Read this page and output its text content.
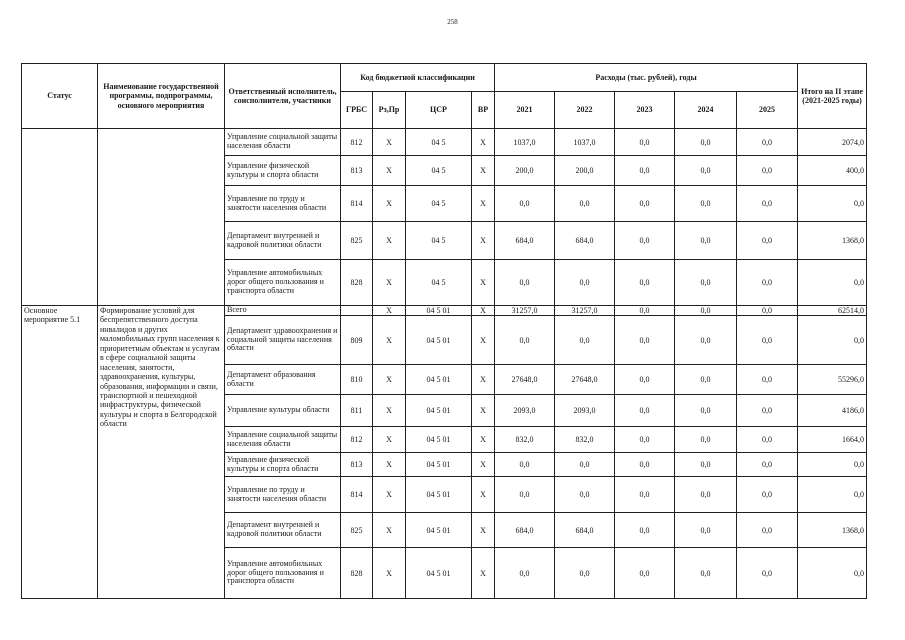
258
Статус	Наименование государственной программы, подпрограммы, основного мероприятия	Ответственный исполнитель, соисполнители, участники	Код бюджетной классификации				Расходы (тыс. рублей), годы					Итого на II этапе (2021-2025 годы)
			ГРБС	Рз,Пр	ЦСР	ВР	2021	2022	2023	2024	2025	
		Управление социальной защиты населения области	812	Х	04 5	Х	1037,0	1037,0	0,0	0,0	0,0	2074,0
		Управление физической культуры и спорта области	813	Х	04 5	Х	200,0	200,0	0,0	0,0	0,0	400,0
		Управление по труду и занятости населения области	814	Х	04 5	Х	0,0	0,0	0,0	0,0	0,0	0,0
		Департамент внутренней и кадровой политики области	825	Х	04 5	Х	684,0	684,0	0,0	0,0	0,0	1368,0
		Управление автомобильных дорог общего пользования и транспорта области	828	Х	04 5	Х	0,0	0,0	0,0	0,0	0,0	0,0
Основное мероприятие 5.1	Формирование условий для беспрепятственного доступа инвалидов и других маломобильных групп населения к приоритетным объектам и услугам в сфере социальной защиты населения, занятости, здравоохранения, культуры, образования, информации и связи, транспортной и пешеходной инфраструктуры, физической культуры и спорта в Белгородской области	Всего		Х	04 5 01	Х	31257,0	31257,0	0,0	0,0	0,0	62514,0
		Департамент здравоохранения и социальной защиты населения области	809	Х	04 5 01	Х	0,0	0,0	0,0	0,0	0,0	0,0
		Департамент образования области	810	Х	04 5 01	Х	27648,0	27648,0	0,0	0,0	0,0	55296,0
		Управление культуры области	811	Х	04 5 01	Х	2093,0	2093,0	0,0	0,0	0,0	4186,0
		Управление социальной защиты населения области	812	Х	04 5 01	Х	832,0	832,0	0,0	0,0	0,0	1664,0
		Управление физической культуры и спорта области	813	Х	04 5 01	Х	0,0	0,0	0,0	0,0	0,0	0,0
		Управление по труду и занятости населения области	814	Х	04 5 01	Х	0,0	0,0	0,0	0,0	0,0	0,0
		Департамент внутренней и кадровой политики области	825	Х	04 5 01	Х	684,0	684,0	0,0	0,0	0,0	1368,0
		Управление автомобильных дорог общего пользования и транспорта области	828	Х	04 5 01	Х	0,0	0,0	0,0	0,0	0,0	0,0
